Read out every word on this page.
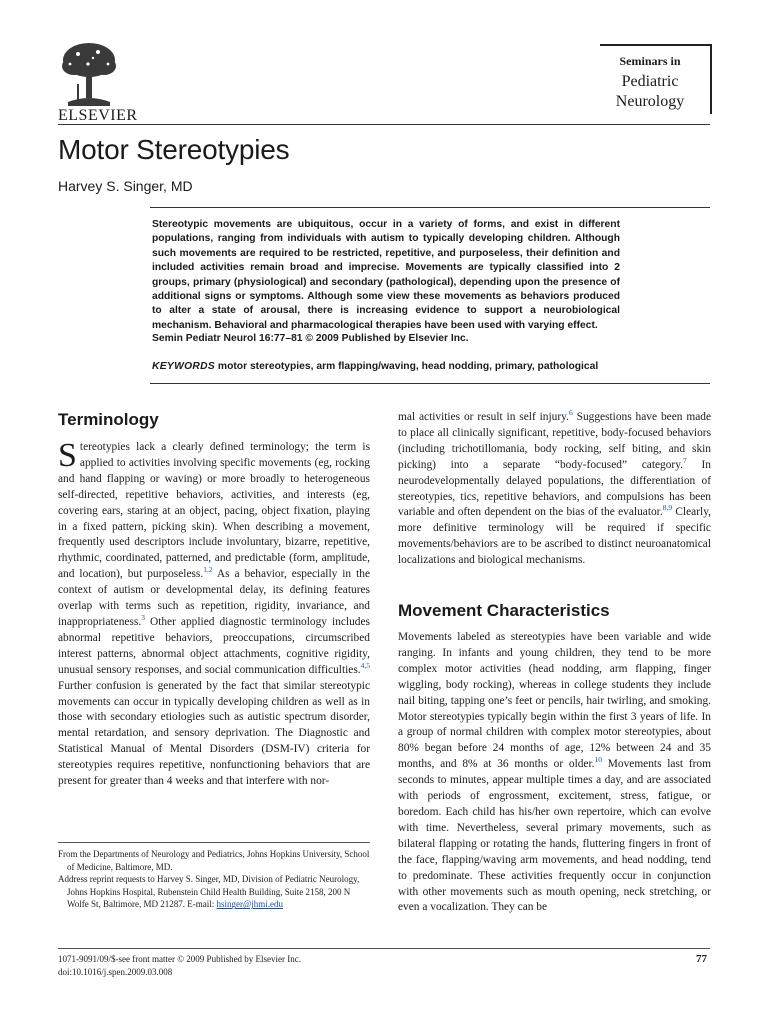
ELSEVIER
Seminars in
Pediatric
Neurology
Motor Stereotypies
Harvey S. Singer, MD

Stereotypic movements are ubiquitous, occur in a variety of forms, and exist in different populations, ranging from individuals with autism to typically developing children. Although such movements are required to be restricted, repetitive, and purposeless, their definition and included activities remain broad and imprecise. Movements are typically classified into 2 groups, primary (physiological) and secondary (pathological), depending upon the presence of additional signs or symptoms. Although some view these movements as behaviors produced to alter a state of arousal, there is increasing evidence to support a neurobiological mechanism. Behavioral and pharmacological therapies have been used with varying effect.

Semin Pediatr Neurol 16:77–81 © 2009 Published by Elsevier Inc.
KEYWORDS motor stereotypies, arm flapping/waving, head nodding, primary, pathological
Terminology

Stereotypies lack a clearly defined terminology; the term is applied to activities involving specific movements (eg, rocking and hand flapping or waving) or more broadly to heterogeneous self-directed, repetitive behaviors, activities, and interests (eg, covering ears, staring at an object, pacing, object fixation, playing in a fixed pattern, picking skin). When describing a movement, frequently used descriptors include involuntary, bizarre, repetitive, rhythmic, coordinated, patterned, and predictable (form, amplitude, and location), but purposeless.$^{1,2}$ As a behavior, especially in the context of autism or developmental delay, its defining features overlap with terms such as repetition, rigidity, invariance, and inappropriateness.$^3$ Other applied diagnostic terminology includes abnormal repetitive behaviors, preoccupations, circumscribed interest patterns, abnormal object attachments, cognitive rigidity, unusual sensory responses, and social communication difficulties.$^{4,5}$ Further confusion is generated by the fact that similar stereotypic movements can occur in typically developing children as well as in those with secondary etiologies such as autistic spectrum disorder, mental retardation, and sensory deprivation. The Diagnostic and Statistical Manual of Mental Disorders (DSM-IV) criteria for stereotypies requires repetitive, nonfunctioning behaviors that are present for greater than 4 weeks and that interfere with nor-

From the Departments of Neurology and Pediatrics, Johns Hopkins University, School of Medicine, Baltimore, MD.

Address reprint requests to Harvey S. Singer, MD, Division of Pediatric Neurology, Johns Hopkins Hospital, Rubenstein Child Health Building, Suite 2158, 200 N Wolfe St, Baltimore, MD 21287. E-mail: hsinger@jhmi.edu

mal activities or result in self injury.$^6$ Suggestions have been made to place all clinically significant, repetitive, body-focused behaviors (including trichotillomania, body rocking, self biting, and skin picking) into a separate “body-focused” category.$^7$ In neurodevelopmentally delayed populations, the differentiation of stereotypies, tics, repetitive behaviors, and compulsions has been variable and often dependent on the bias of the evaluator.$^{8,9}$ Clearly, more definitive terminology will be required if specific movements/behaviors are to be ascribed to distinct neuroanatomical localizations and biological mechanisms.

Movement Characteristics

Movements labeled as stereotypies have been variable and wide ranging. In infants and young children, they tend to be more complex motor activities (head nodding, arm flapping, finger wiggling, body rocking), whereas in college students they include nail biting, tapping one’s feet or pencils, hair twirling, and smoking. Motor stereotypies typically begin within the first 3 years of life. In a group of normal children with complex motor stereotypies, about 80% began before 24 months of age, 12% between 24 and 35 months, and 8% at 36 months or older.$^{10}$ Movements last from seconds to minutes, appear multiple times a day, and are associated with periods of engrossment, excitement, stress, fatigue, or boredom. Each child has his/her own repertoire, which can evolve with time. Nevertheless, several primary movements, such as bilateral flapping or rotating the hands, fluttering fingers in front of the face, flapping/waving arm movements, and head nodding, tend to predominate. These activities frequently occur in conjunction with other movements such as mouth opening, neck stretching, or even a vocalization. They can be

1071-9091/09/$-see front matter © 2009 Published by Elsevier Inc.
doi:10.1016/j.spen.2009.03.008
77
